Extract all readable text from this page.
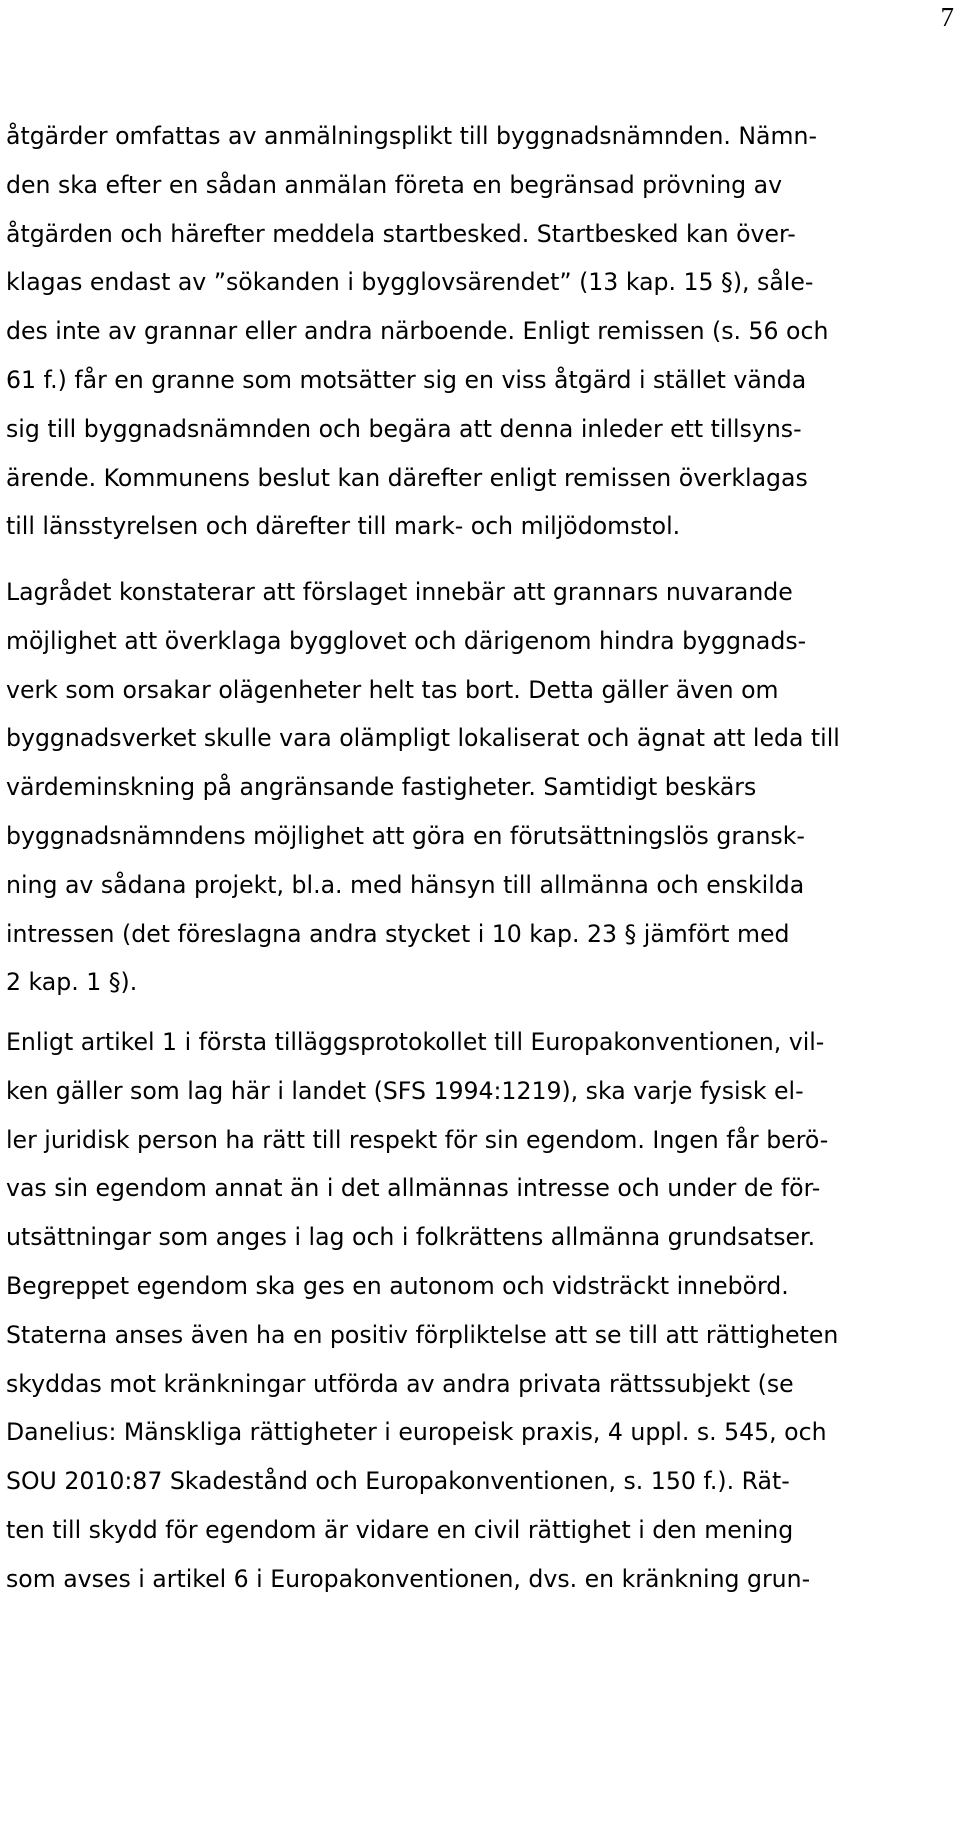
7

åtgärder omfattas av anmälningsplikt till byggnadsnämnden. Nämn-
den ska efter en sådan anmälan företa en begränsad prövning av
åtgärden och härefter meddela startbesked. Startbesked kan över-
klagas endast av ”sökanden i bygglovsärendet” (13 kap. 15 §), såle-
des inte av grannar eller andra närboende. Enligt remissen (s. 56 och
61 f.) får en granne som motsätter sig en viss åtgärd i stället vända
sig till byggnadsnämnden och begära att denna inleder ett tillsyns-
ärende. Kommunens beslut kan därefter enligt remissen överklagas
till länsstyrelsen och därefter till mark- och miljödomstol.

Lagrådet konstaterar att förslaget innebär att grannars nuvarande
möjlighet att överklaga bygglovet och därigenom hindra byggnads-
verk som orsakar olägenheter helt tas bort. Detta gäller även om
byggnadsverket skulle vara olämpligt lokaliserat och ägnat att leda till
värdeminskning på angränsande fastigheter. Samtidigt beskärs
byggnadsnämndens möjlighet att göra en förutsättningslös gransk-
ning av sådana projekt, bl.a. med hänsyn till allmänna och enskilda
intressen (det föreslagna andra stycket i 10 kap. 23 § jämfört med
2 kap. 1 §).

Enligt artikel 1 i första tilläggsprotokollet till Europakonventionen, vil-
ken gäller som lag här i landet (SFS 1994:1219), ska varje fysisk el-
ler juridisk person ha rätt till respekt för sin egendom. Ingen får berö-
vas sin egendom annat än i det allmännas intresse och under de för-
utsättningar som anges i lag och i folkrättens allmänna grundsatser.
Begreppet egendom ska ges en autonom och vidsträckt innebörd.
Staterna anses även ha en positiv förpliktelse att se till att rättigheten
skyddas mot kränkningar utförda av andra privata rättssubjekt (se
Danelius: Mänskliga rättigheter i europeisk praxis, 4 uppl. s. 545, och
SOU 2010:87 Skadestånd och Europakonventionen, s. 150 f.). Rät-
ten till skydd för egendom är vidare en civil rättighet i den mening
som avses i artikel 6 i Europakonventionen, dvs. en kränkning grun-
